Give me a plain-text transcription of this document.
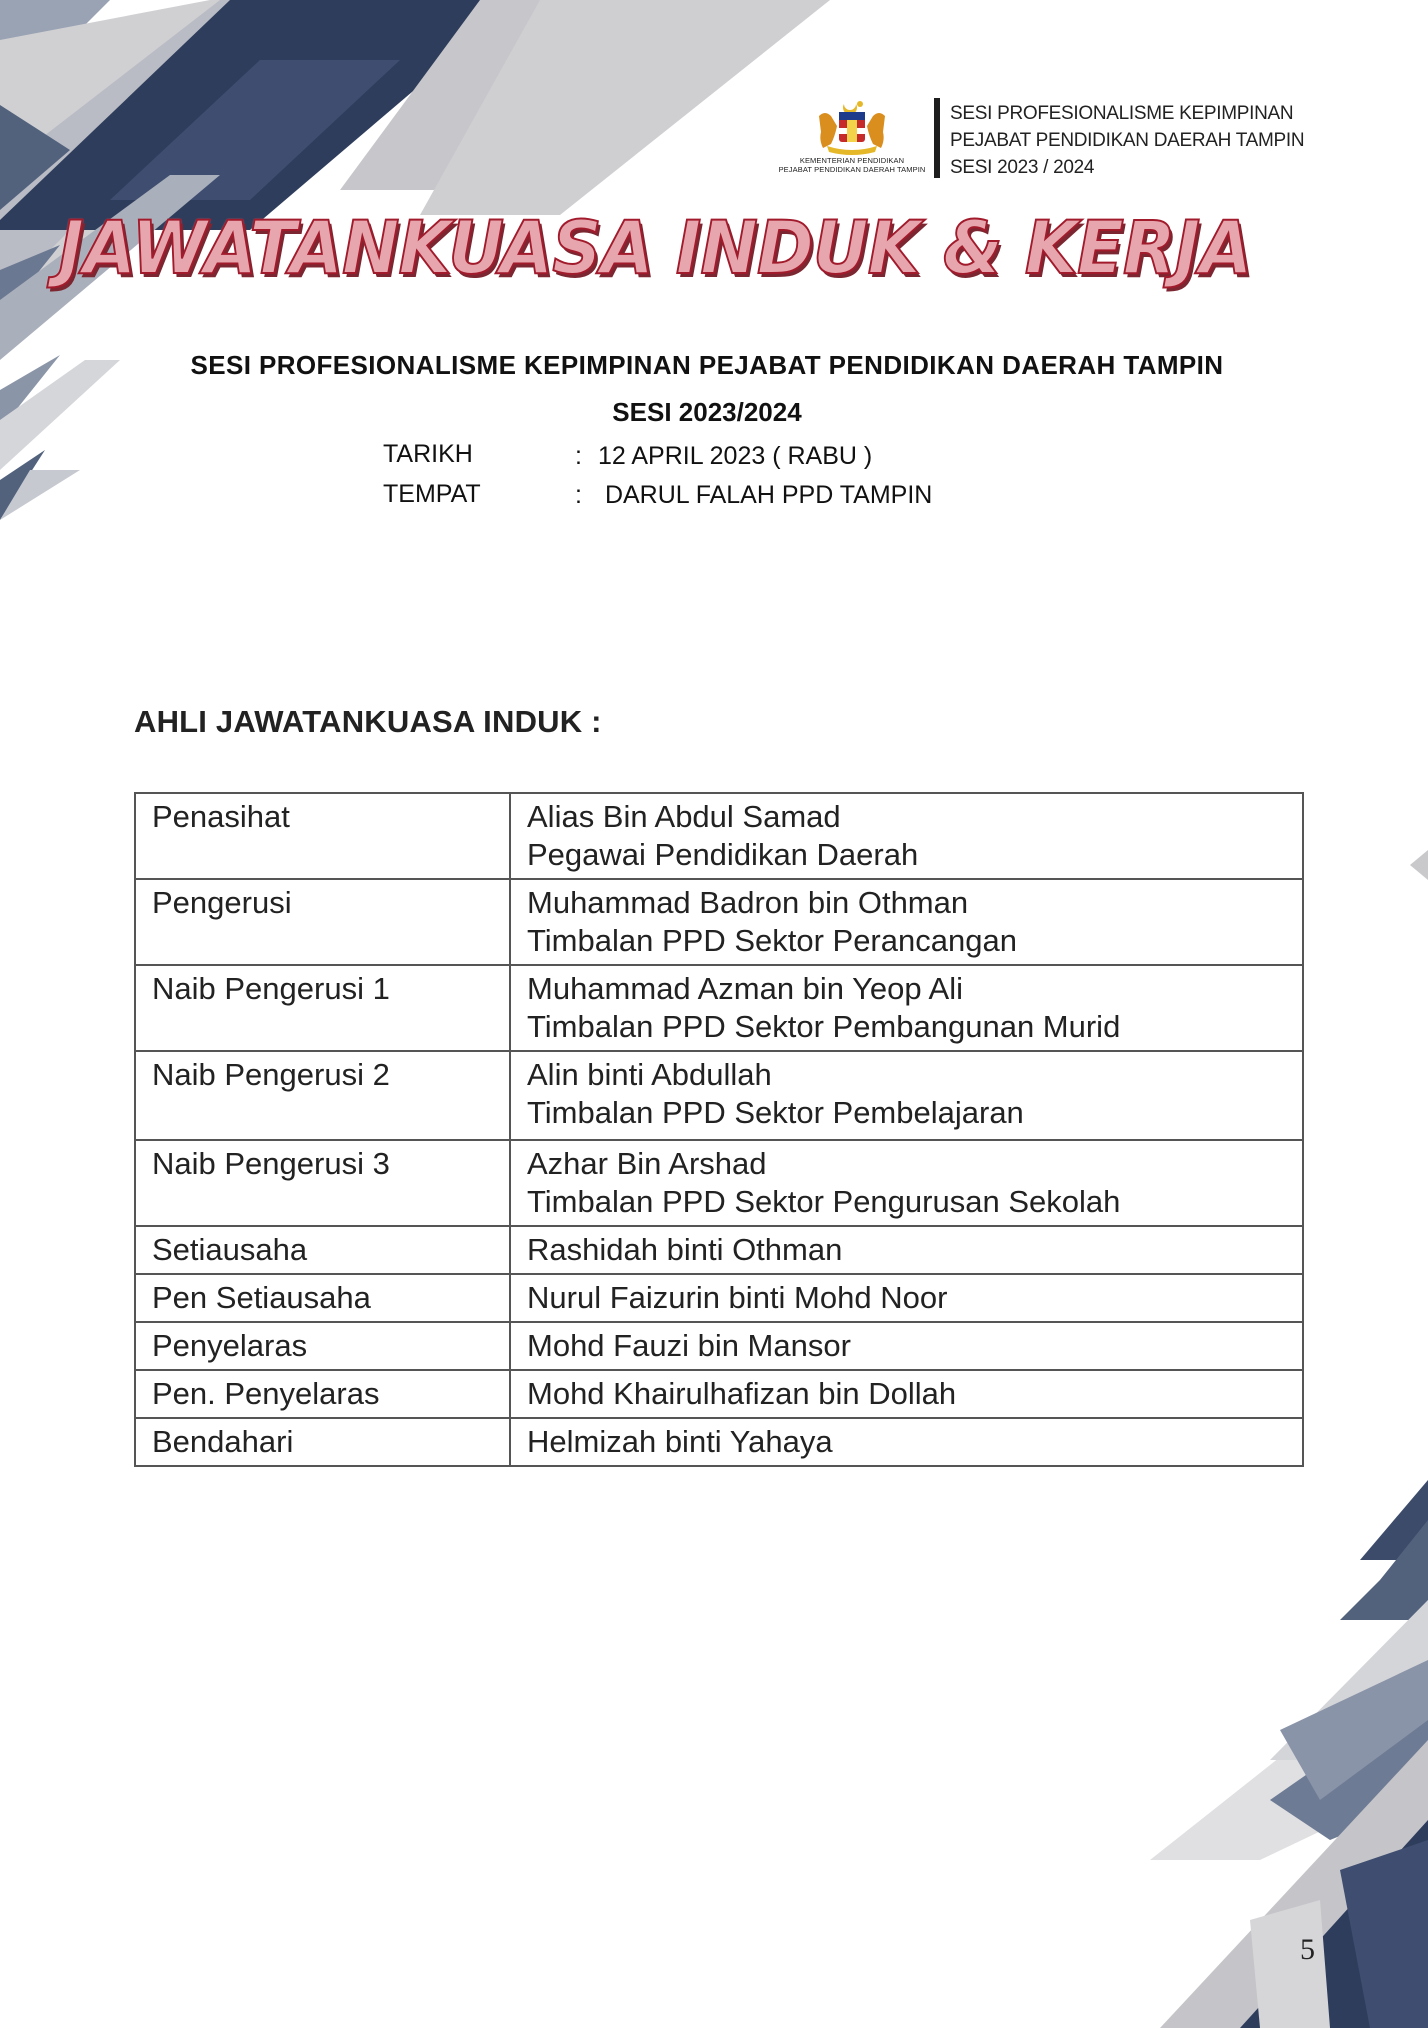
KEMENTERIAN PENDIDIKAN
PEJABAT PENDIDIKAN DAERAH TAMPIN
SESI PROFESIONALISME KEPIMPINAN
PEJABAT PENDIDIKAN DAERAH TAMPIN
SESI 2023 / 2024
JAWATANKUASA INDUK & KERJA
SESI PROFESIONALISME KEPIMPINAN PEJABAT PENDIDIKAN DAERAH TAMPIN
SESI 2023/2024
TARIKH	: 12 APRIL 2023 ( RABU )
TEMPAT	: DARUL FALAH PPD TAMPIN
AHLI JAWATANKUASA INDUK :
Penasihat	Alias Bin Abdul Samad
Pegawai Pendidikan Daerah

Pengerusi	Muhammad Badron bin Othman
Timbalan PPD Sektor Perancangan

Naib Pengerusi 1	Muhammad Azman bin Yeop Ali
Timbalan PPD Sektor Pembangunan Murid

Naib Pengerusi 2	Alin binti Abdullah
Timbalan PPD Sektor Pembelajaran

Naib Pengerusi 3	Azhar Bin Arshad
Timbalan PPD Sektor Pengurusan Sekolah

Setiausaha	Rashidah binti Othman
Pen Setiausaha	Nurul Faizurin binti Mohd Noor
Penyelaras	Mohd Fauzi bin Mansor
Pen. Penyelaras	Mohd Khairulhafizan bin Dollah
Bendahari	Helmizah binti Yahaya
5
